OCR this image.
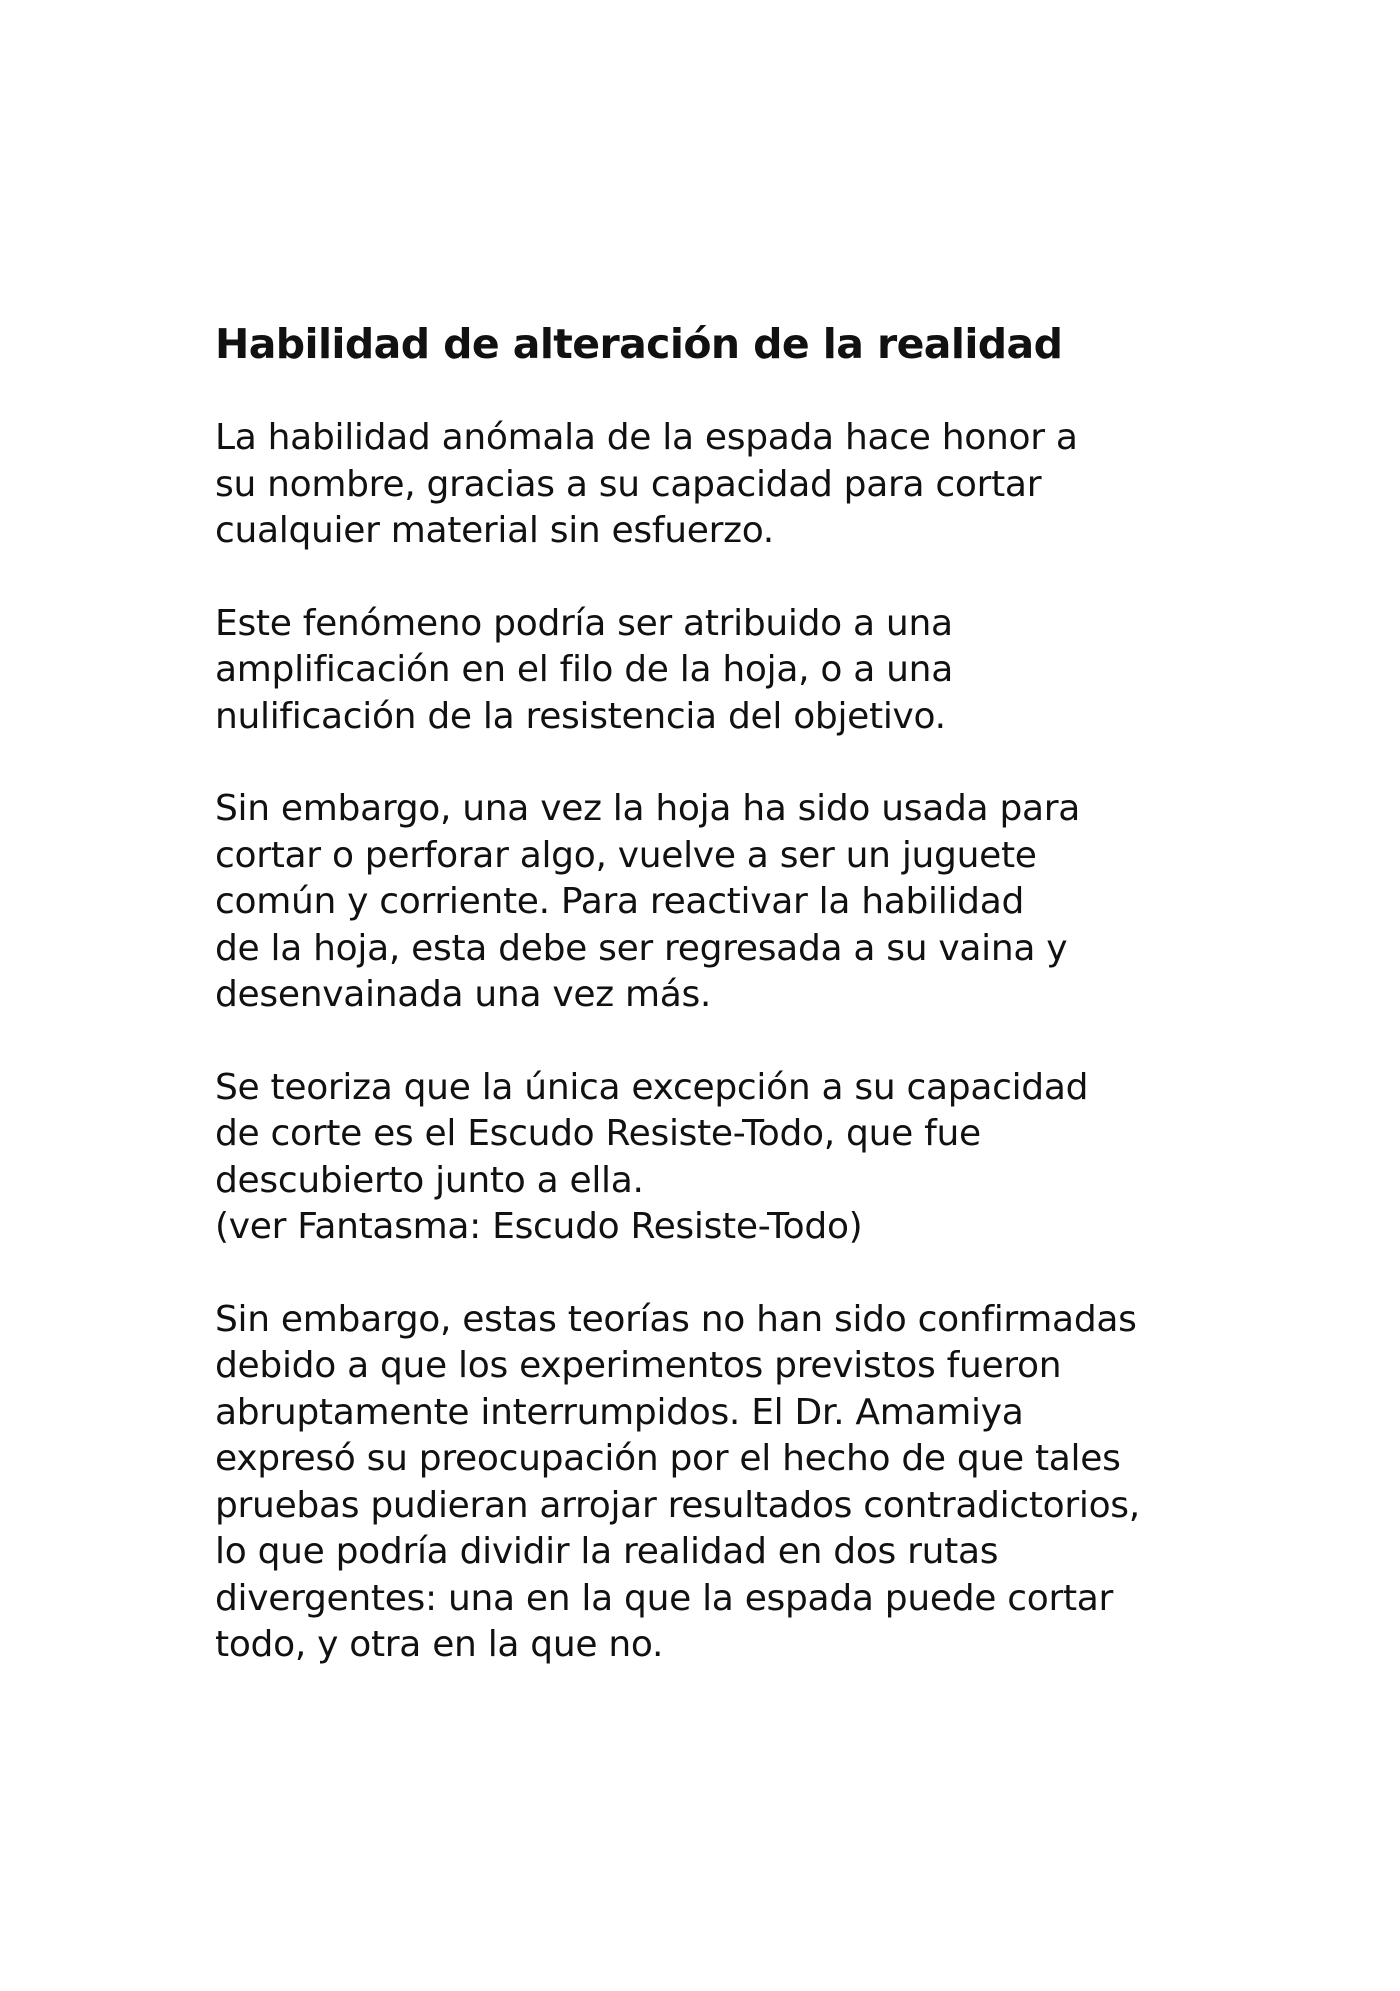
Habilidad de alteración de la realidad

La habilidad anómala de la espada hace honor a
su nombre, gracias a su capacidad para cortar
cualquier material sin esfuerzo.

Este fenómeno podría ser atribuido a una
amplificación en el filo de la hoja, o a una
nulificación de la resistencia del objetivo.

Sin embargo, una vez la hoja ha sido usada para
cortar o perforar algo, vuelve a ser un juguete
común y corriente. Para reactivar la habilidad
de la hoja, esta debe ser regresada a su vaina y
desenvainada una vez más.

Se teoriza que la única excepción a su capacidad
de corte es el Escudo Resiste-Todo, que fue
descubierto junto a ella.
(ver Fantasma: Escudo Resiste-Todo)

Sin embargo, estas teorías no han sido confirmadas
debido a que los experimentos previstos fueron
abruptamente interrumpidos. El Dr. Amamiya
expresó su preocupación por el hecho de que tales
pruebas pudieran arrojar resultados contradictorios,
lo que podría dividir la realidad en dos rutas
divergentes: una en la que la espada puede cortar
todo, y otra en la que no.
